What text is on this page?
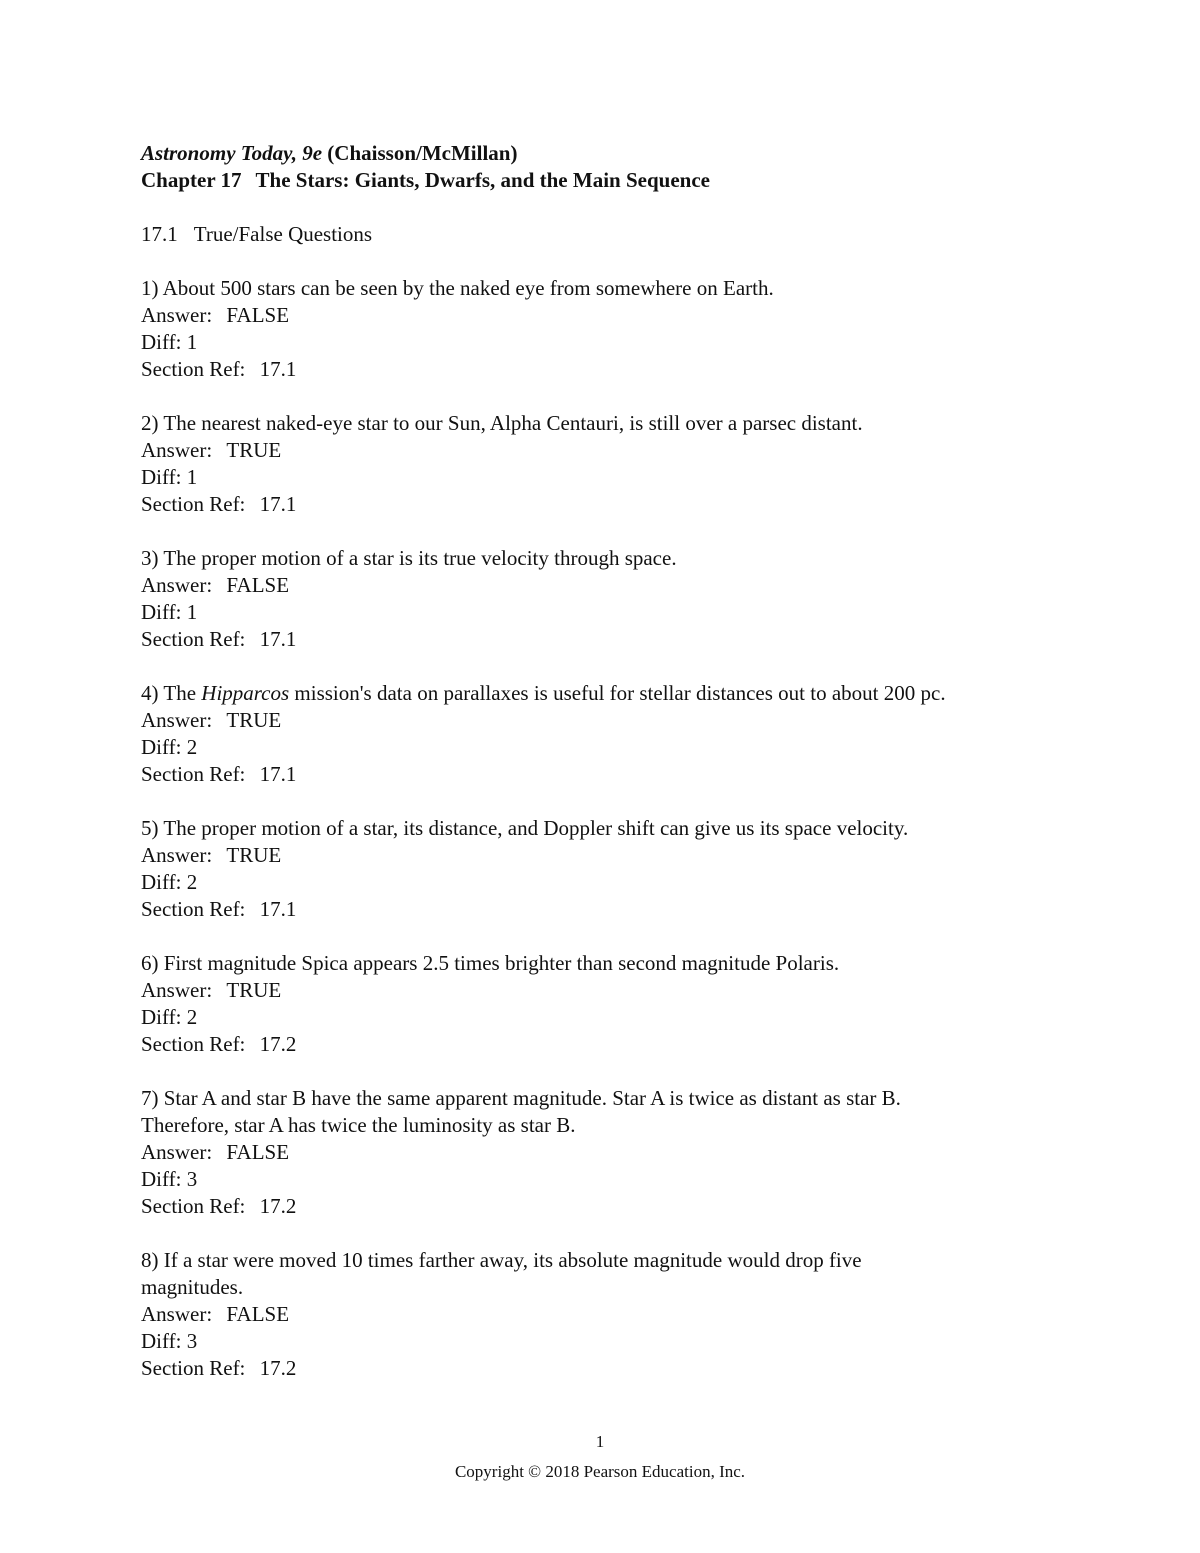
Astronomy Today, 9e (Chaisson/McMillan)

Chapter 17 The Stars: Giants, Dwarfs, and the Main Sequence

17.1 True/False Questions

1) About 500 stars can be seen by the naked eye from somewhere on Earth.

Answer: FALSE

Diff: 1

Section Ref: 17.1

2) The nearest naked-eye star to our Sun, Alpha Centauri, is still over a parsec distant.

Answer: TRUE

Diff: 1

Section Ref: 17.1

3) The proper motion of a star is its true velocity through space.

Answer: FALSE

Diff: 1

Section Ref: 17.1

4) The Hipparcos mission's data on parallaxes is useful for stellar distances out to about 200 pc.

Answer: TRUE

Diff: 2

Section Ref: 17.1

5) The proper motion of a star, its distance, and Doppler shift can give us its space velocity.

Answer: TRUE

Diff: 2

Section Ref: 17.1

6) First magnitude Spica appears 2.5 times brighter than second magnitude Polaris.

Answer: TRUE

Diff: 2

Section Ref: 17.2

7) Star A and star B have the same apparent magnitude. Star A is twice as distant as star B.

Therefore, star A has twice the luminosity as star B.

Answer: FALSE

Diff: 3

Section Ref: 17.2

8) If a star were moved 10 times farther away, its absolute magnitude would drop five

magnitudes.

Answer: FALSE

Diff: 3

Section Ref: 17.2

1
Copyright © 2018 Pearson Education, Inc.
